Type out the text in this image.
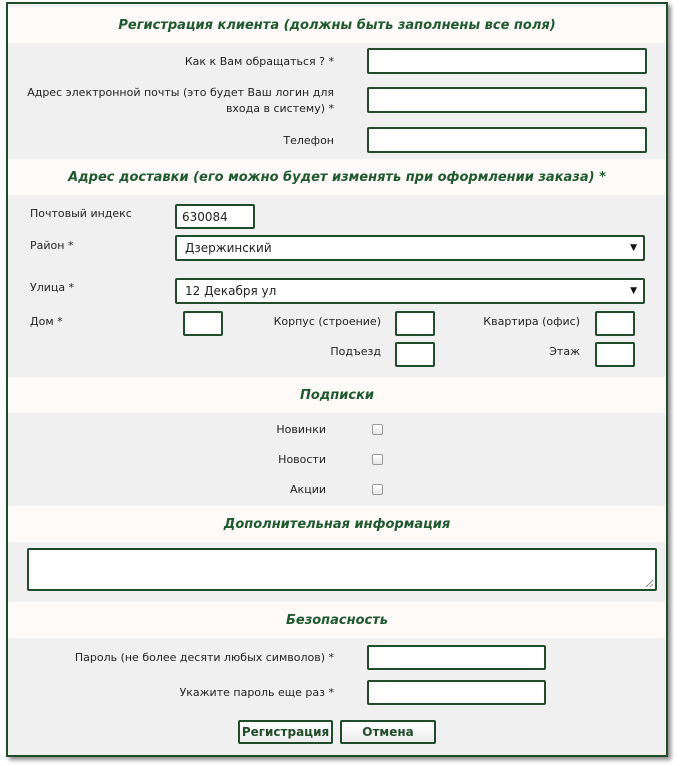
Регистрация клиента (должны быть заполнены все поля)
Как к Вам обращаться ? *
Адрес электронной почты (это будет Ваш логин для
входа в систему) *
Телефон
Адрес доставки (его можно будет изменять при оформлении заказа) *
Почтовый индекс
630084
Район *	Дзержинский	▼
Улица *	12 Декабря ул	▼
Дом *	Корпус (строение)	Квартира (офис)
Подъезд	Этаж
Подписки
Новинки
Новости
Акции
Дополнительная информация
Безопасность
Пароль (не более десяти любых символов) *
Укажите пароль еще раз *
Регистрация	Отмена
